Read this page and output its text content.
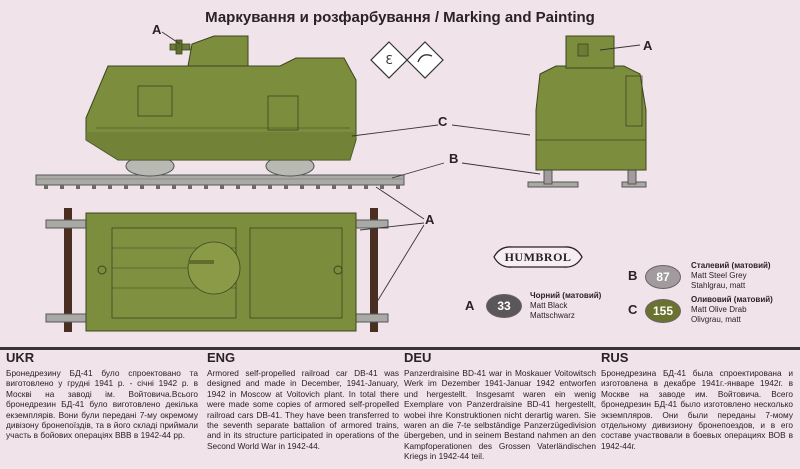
Маркування и розфарбування / Marking and Painting
Ɛ
A
A
C
B
A
HUMBROL
A	33
Чорний (матовий)
Matt Black
Mattschwarz
B	87
Сталевий (матовий)
Matt Steel Grey
Stahlgrau, matt
C	155
Оливовий (матовий)
Matt Olive Drab
Olivgrau, matt
UKR

Бронедрезину БД-41 було спроектовано та виготовлено у грудні 1941 р. - січні 1942 р. в Москві на заводі ім. Войтовича.Всього бронедрезин БД-41 було виготовлено декілька екземплярів. Вони були передані 7-му окремому дивізону бронепоїздів, та в його складі приймали участь в бойових операціях ВВВ в 1942-44 рр.

ENG

Armored self-propelled railroad car DB-41 was designed and made in December, 1941-January, 1942 in Moscow at Voitovich plant. In total there were made some copies of armored self-propelled railroad cars DB-41. They have been transferred to the seventh separate battalion of armored trains, and in its structure participated in operations of the Second World War in 1942-44.

DEU

Panzerdraisine BD-41 war in Moskauer Voitowitsch Werk im Dezember 1941-Januar 1942 entworfen und hergestellt. Insgesamt waren ein wenig Exemplare von Panzerdraisine BD-41 hergestellt, wobei ihre Konstruktionen nicht derartig waren. Sie waren an die 7-te selbständige Panzerzügedivision übergeben, und in seinem Bestand nahmen an den Kampfoperationen des Grossen Vaterländischen Kriegs in 1942-44 teil.

RUS

Бронедрезина БД-41 была спроектирована и изготовлена в декабре 1941г.-январе 1942г. в Москве на заводе им. Войтовича. Всего бронедрезин БД-41 было изготовлено несколько экземпляров. Они были переданы 7-мому отдельному дивизиону бронепоездов, и в его составе участвовали в боевых операциях ВОВ в 1942-44г.
